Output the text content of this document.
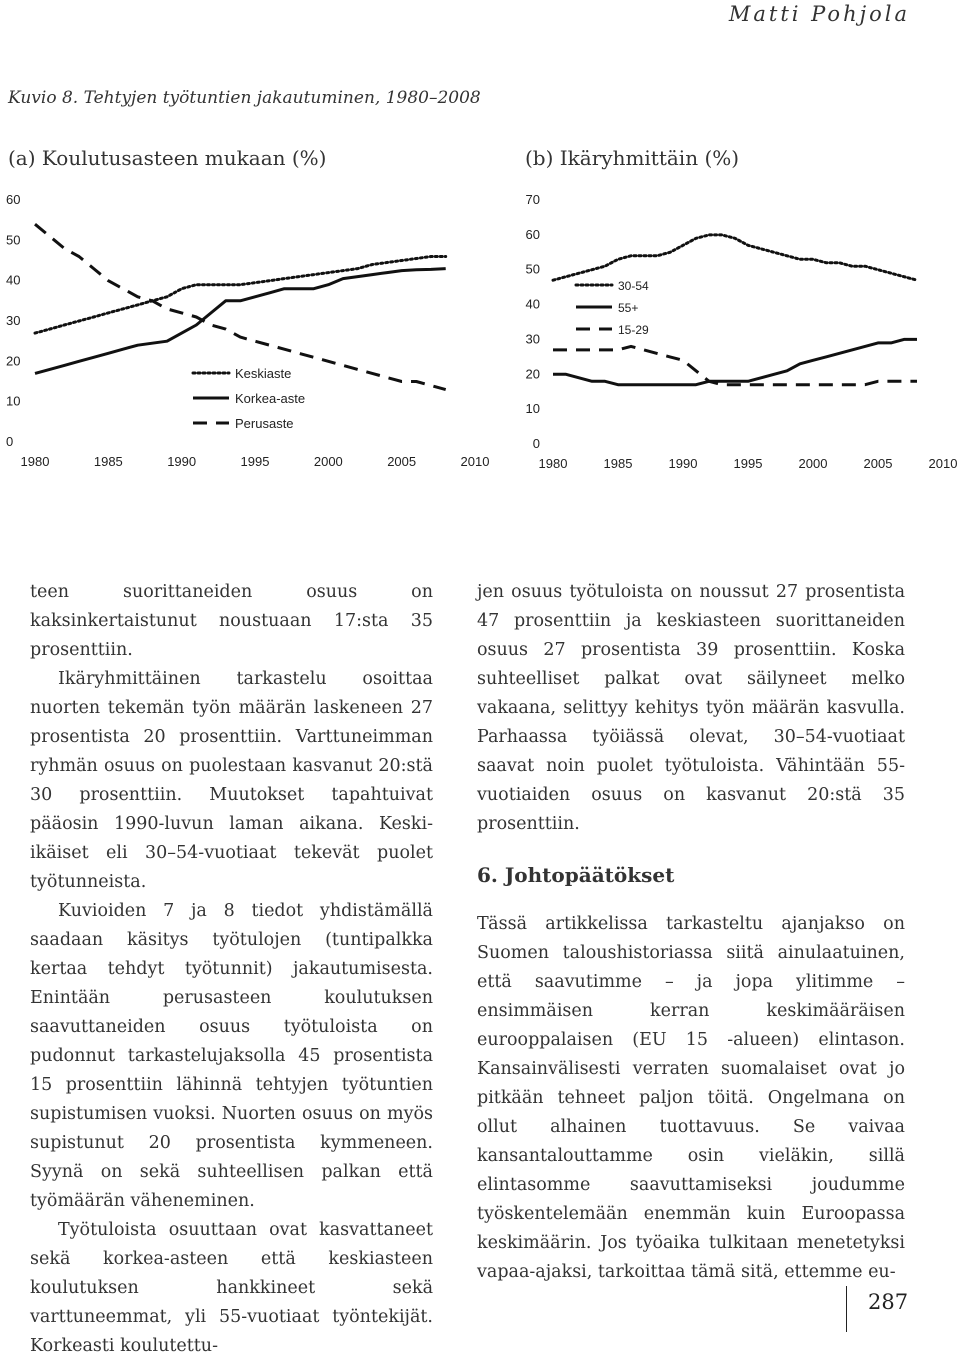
Matti Pohjola
Kuvio 8. Tehtyjen työtuntien jakautuminen, 1980–2008
(a) Koulutusasteen mukaan (%)	(b) Ikäryhmittäin (%)
0
10
20
30
40
50
60
1980	1985	1990	1995	2000	2005	2010
Keskiaste
Korkea-aste
Perusaste
0
10
20
30
40
50
60
70
1980	1985	1990	1995	2000	2005	2010
30-54
55+
15-29

teen suorittaneiden osuus on kaksinkertaistunut noustuaan 17:sta 35 prosenttiin.

Ikäryhmittäinen tarkastelu osoittaa nuorten tekemän työn määrän laskeneen 27 prosentista 20 prosenttiin. Varttuneimman ryhmän osuus on puolestaan kasvanut 20:stä 30 prosenttiin. Muutokset tapahtuivat pääosin 1990-luvun laman aikana. Keski-ikäiset eli 30–54-vuotiaat tekevät puolet työtunneista.

Kuvioiden 7 ja 8 tiedot yhdistämällä saadaan käsitys työtulojen (tuntipalkka kertaa tehdyt työtunnit) jakautumisesta. Enintään perusasteen koulutuksen saavuttaneiden osuus työtuloista on pudonnut tarkastelujaksolla 45 prosentista 15 prosenttiin lähinnä tehtyjen työtuntien supistumisen vuoksi. Nuorten osuus on myös supistunut 20 prosentista kymmeneen. Syynä on sekä suhteellisen palkan että työmäärän väheneminen.

Työtuloista osuuttaan ovat kasvattaneet sekä korkea-asteen että keskiasteen koulutuksen hankkineet sekä varttuneemmat, yli 55-vuotiaat työntekijät. Korkeasti koulutettu-

jen osuus työtuloista on noussut 27 prosentista 47 prosenttiin ja keskiasteen suorittaneiden osuus 27 prosentista 39 prosenttiin. Koska suhteelliset palkat ovat säilyneet melko vakaana, selittyy kehitys työn määrän kasvulla. Parhaassa työiässä olevat, 30–54-vuotiaat saavat noin puolet työtuloista. Vähintään 55-vuotiaiden osuus on kasvanut 20:stä 35 prosenttiin.

6. Johtopäätökset

Tässä artikkelissa tarkasteltu ajanjakso on Suomen taloushistoriassa siitä ainulaatuinen, että saavutimme – ja jopa ylitimme – ensimmäisen kerran keskimääräisen eurooppalaisen (EU 15 -alueen) elintason. Kansainvälisesti verraten suomalaiset ovat jo pitkään tehneet paljon töitä. Ongelmana on ollut alhainen tuottavuus. Se vaivaa kansantalouttamme osin vieläkin, sillä elintasomme saavuttamiseksi joudumme työskentelemään enemmän kuin Euroopassa keskimäärin. Jos työaika tulkitaan menetetyksi vapaa-ajaksi, tarkoittaa tämä sitä, ettemme eu-

287
